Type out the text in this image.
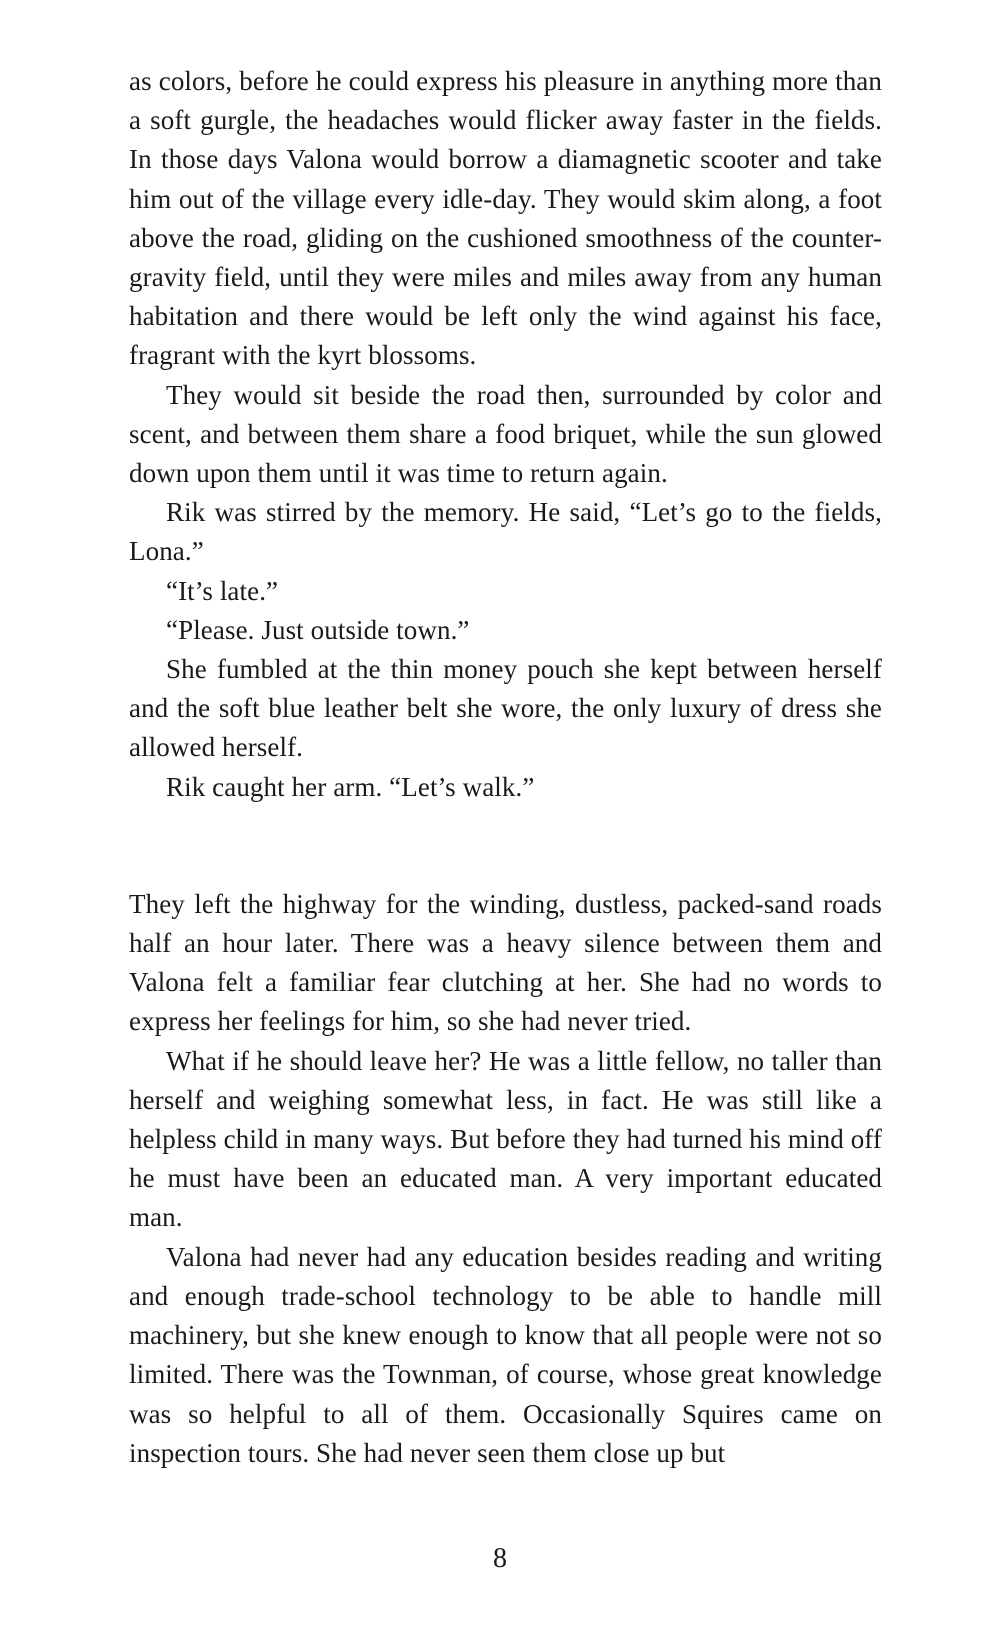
as colors, before he could express his pleasure in anything more than a soft gurgle, the headaches would flicker away faster in the fields. In those days Valona would borrow a diamagnetic scooter and take him out of the village every idle-day. They would skim along, a foot above the road, gliding on the cushioned smoothness of the counter-gravity field, until they were miles and miles away from any human habitation and there would be left only the wind against his face, fragrant with the kyrt blossoms.

They would sit beside the road then, surrounded by color and scent, and between them share a food briquet, while the sun glowed down upon them until it was time to return again.

Rik was stirred by the memory. He said, “Let’s go to the fields, Lona.”

“It’s late.”

“Please. Just outside town.”

She fumbled at the thin money pouch she kept between herself and the soft blue leather belt she wore, the only luxury of dress she allowed herself.

Rik caught her arm. “Let’s walk.”

They left the highway for the winding, dustless, packed-sand roads half an hour later. There was a heavy silence between them and Valona felt a familiar fear clutching at her. She had no words to express her feelings for him, so she had never tried.

What if he should leave her? He was a little fellow, no taller than herself and weighing somewhat less, in fact. He was still like a helpless child in many ways. But before they had turned his mind off he must have been an educated man. A very important educated man.

Valona had never had any education besides reading and writing and enough trade-school technology to be able to handle mill machinery, but she knew enough to know that all people were not so limited. There was the Townman, of course, whose great knowledge was so helpful to all of them. Occasionally Squires came on inspection tours. She had never seen them close up but

8
